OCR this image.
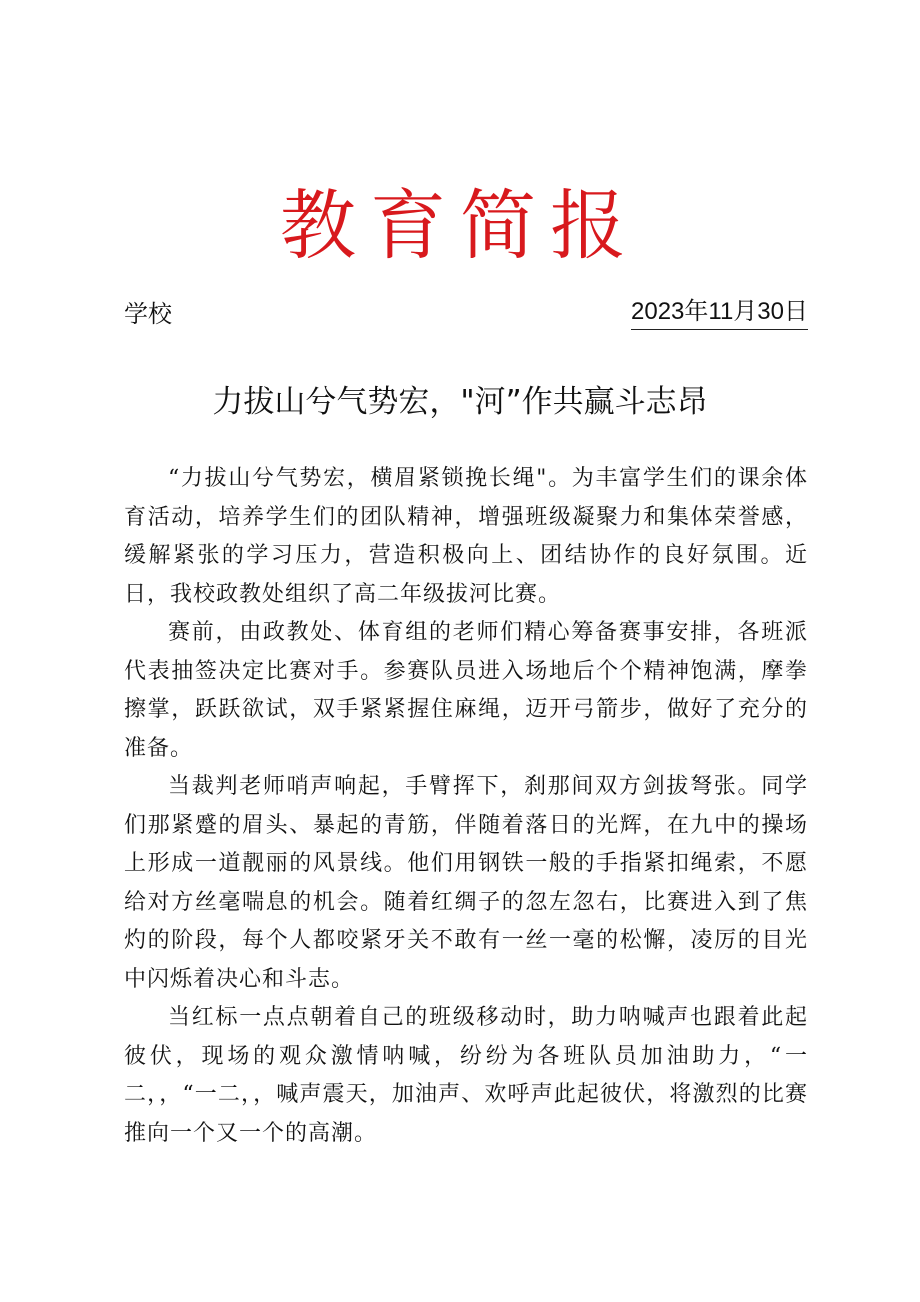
教育简报
学校	2023年11月30日
力拔山兮气势宏，"河”作共赢斗志昂

“力拔山兮气势宏，横眉紧锁挽长绳"。为丰富学生们的课余体育活动，培养学生们的团队精神，增强班级凝聚力和集体荣誉感，缓解紧张的学习压力，营造积极向上、团结协作的良好氛围。近日，我校政教处组织了高二年级拔河比赛。

赛前，由政教处、体育组的老师们精心筹备赛事安排，各班派代表抽签决定比赛对手。参赛队员进入场地后个个精神饱满，摩拳擦掌，跃跃欲试，双手紧紧握住麻绳，迈开弓箭步，做好了充分的准备。

当裁判老师哨声响起，手臂挥下，刹那间双方剑拔弩张。同学们那紧蹙的眉头、暴起的青筋，伴随着落日的光辉，在九中的操场上形成一道靓丽的风景线。他们用钢铁一般的手指紧扣绳索，不愿给对方丝毫喘息的机会。随着红绸子的忽左忽右，比赛进入到了焦灼的阶段，每个人都咬紧牙关不敢有一丝一毫的松懈，凌厉的目光中闪烁着决心和斗志。

当红标一点点朝着自己的班级移动时，助力呐喊声也跟着此起彼伏，现场的观众激情呐喊，纷纷为各班队员加油助力，“一二，，“一二，，喊声震天，加油声、欢呼声此起彼伏，将激烈的比赛推向一个又一个的高潮。
